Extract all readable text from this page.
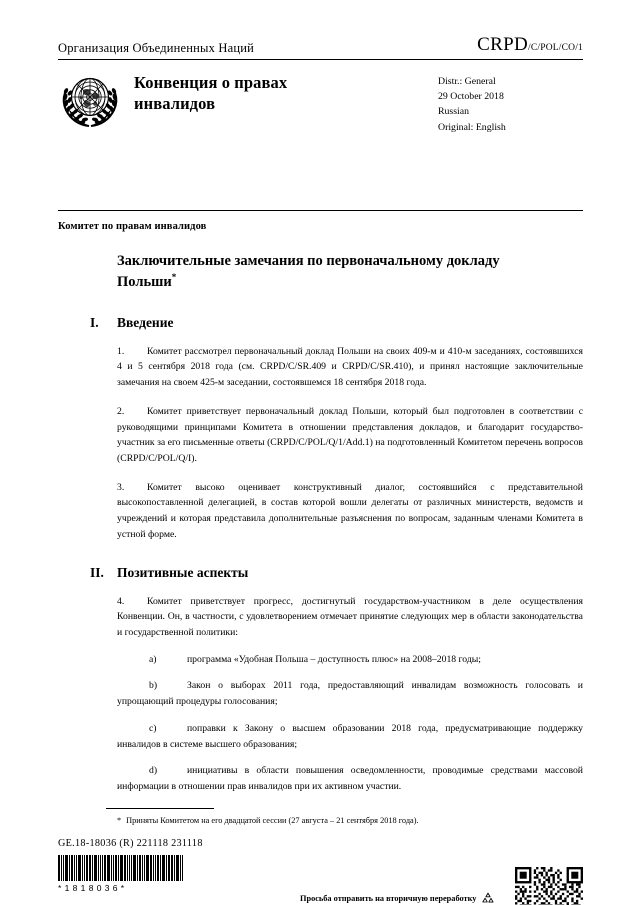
Организация Объединенных Наций	CRPD /C/POL/CO/1
Конвенция о правах инвалидов
Distr.: General
29 October 2018
Russian
Original: English
Комитет по правам инвалидов
Заключительные замечания по первоначальному докладу Польши*
I.	Введение
1. Комитет рассмотрел первоначальный доклад Польши на своих 409-м и 410-м заседаниях, состоявшихся 4 и 5 сентября 2018 года (см. CRPD/C/SR.409 и CRPD/C/SR.410), и принял настоящие заключительные замечания на своем 425-м заседании, состоявшемся 18 сентября 2018 года.
2. Комитет приветствует первоначальный доклад Польши, который был подготовлен в соответствии с руководящими принципами Комитета в отношении представления докладов, и благодарит государство-участник за его письменные ответы (CRPD/C/POL/Q/1/Add.1) на подготовленный Комитетом перечень вопросов (CRPD/C/POL/Q/I).
3. Комитет высоко оценивает конструктивный диалог, состоявшийся с представительной высокопоставленной делегацией, в состав которой вошли делегаты от различных министерств, ведомств и учреждений и которая представила дополнительные разъяснения по вопросам, заданным членами Комитета в устной форме.
II. Позитивные аспекты
4. Комитет приветствует прогресс, достигнутый государством-участником в деле осуществления Конвенции. Он, в частности, с удовлетворением отмечает принятие следующих мер в области законодательства и государственной политики:
a)	программа «Удобная Польша – доступность плюс» на 2008–2018 годы;
b)	Закон о выборах 2011 года, предоставляющий инвалидам возможность голосовать и упрощающий процедуры голосования;
c)	поправки к Закону о высшем образовании 2018 года, предусматривающие поддержку инвалидов в системе высшего образования;
d)	инициативы в области повышения осведомленности, проводимые средствами массовой информации в отношении прав инвалидов при их активном участии.
* Приняты Комитетом на его двадцатой сессии (27 августа – 21 сентября 2018 года).
GE.18-18036 (R) 221118 231118
*1818036*
Просьба отправить на вторичную переработку
